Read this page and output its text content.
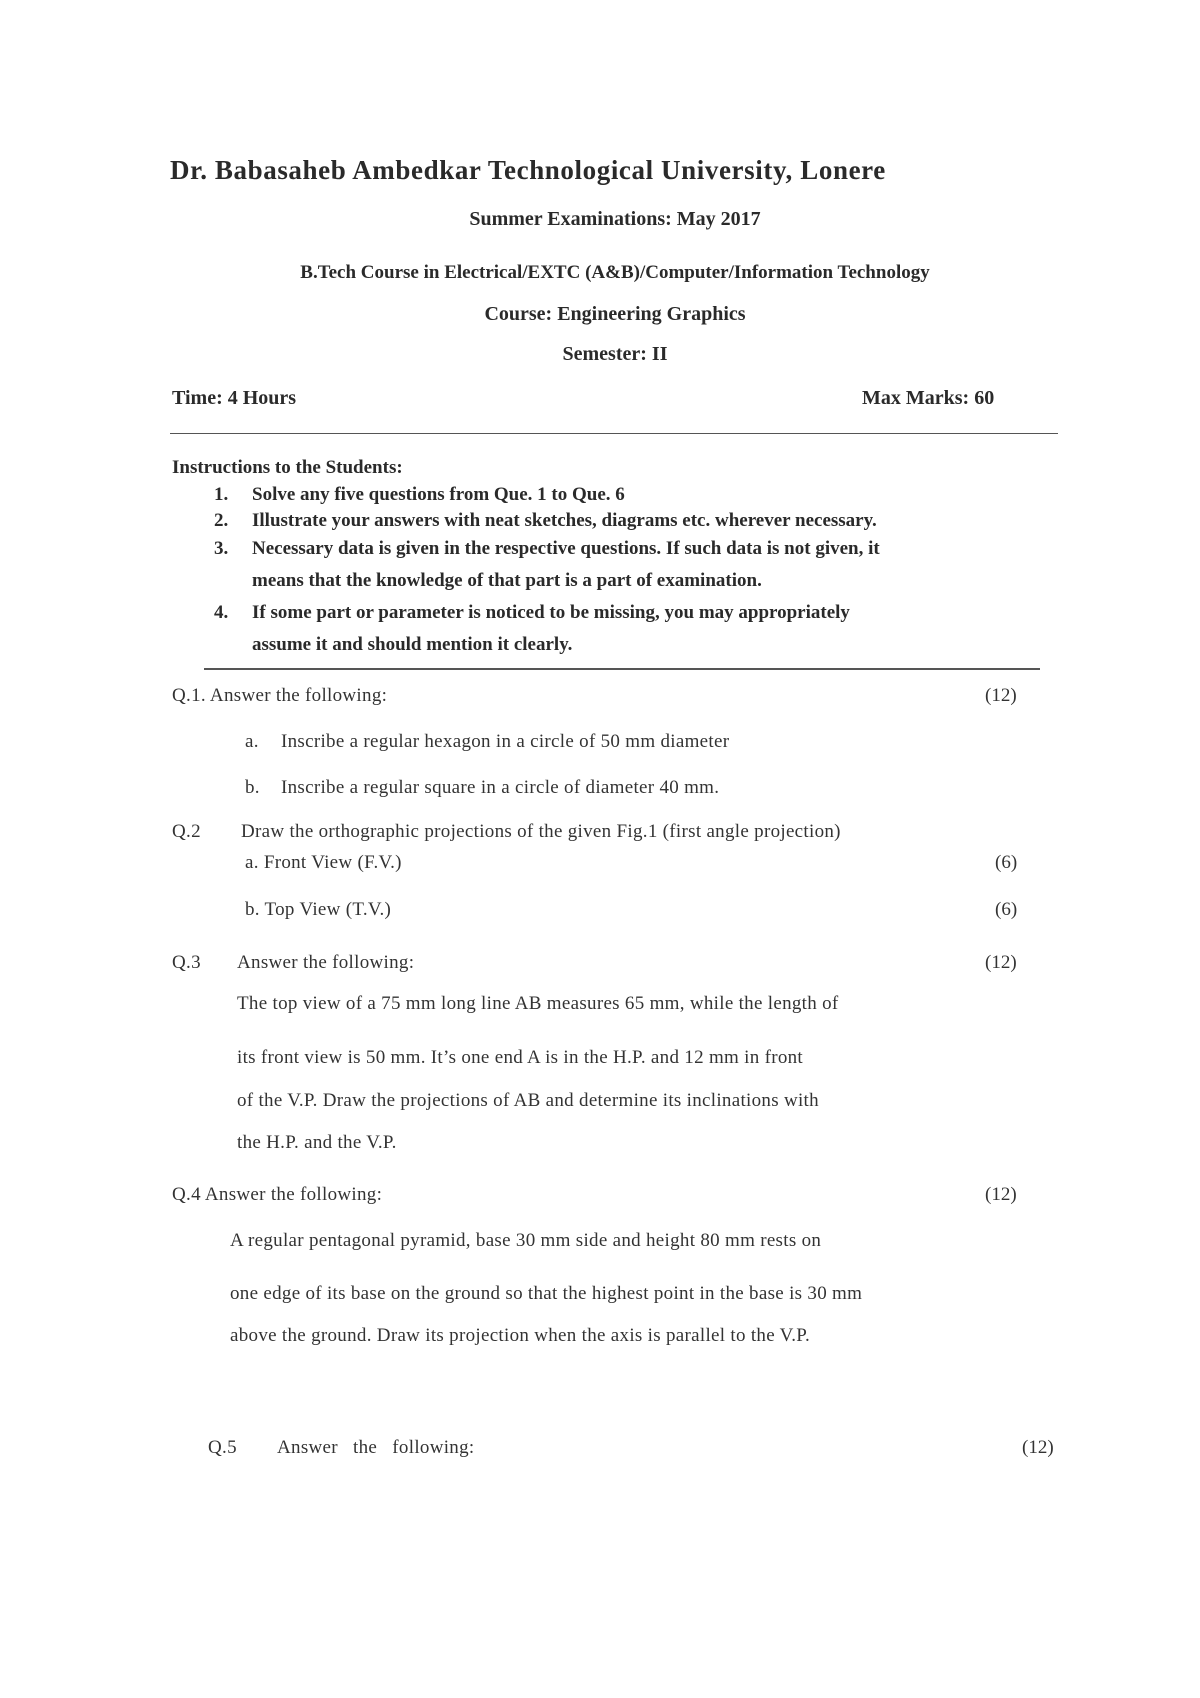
Dr. Babasaheb Ambedkar Technological University, Lonere
Summer Examinations: May 2017
B.Tech Course in Electrical/EXTC (A&B)/Computer/Information Technology
Course: Engineering Graphics
Semester: II
Time: 4 Hours	Max Marks: 60
Instructions to the Students:
1. Solve any five questions from Que. 1 to Que. 6
2. Illustrate your answers with neat sketches, diagrams etc. wherever necessary.
3. Necessary data is given in the respective questions. If such data is not given, it
means that the knowledge of that part is a part of examination.
4. If some part or parameter is noticed to be missing, you may appropriately
assume it and should mention it clearly.
Q.1. Answer the following:	(12)
a. Inscribe a regular hexagon in a circle of 50 mm diameter
b. Inscribe a regular square in a circle of diameter 40 mm.
Q.2 Draw the orthographic projections of the given Fig.1 (first angle projection)
a. Front View (F.V.)	(6)
b. Top View (T.V.)	(6)
Q.3 Answer the following:	(12)
The top view of a 75 mm long line AB measures 65 mm, while the length of
its front view is 50 mm. It’s one end A is in the H.P. and 12 mm in front
of the V.P. Draw the projections of AB and determine its inclinations with
the H.P. and the V.P.
Q.4 Answer the following:	(12)
A regular pentagonal pyramid, base 30 mm side and height 80 mm rests on
one edge of its base on the ground so that the highest point in the base is 30 mm
above the ground. Draw its projection when the axis is parallel to the V.P.
Q.5 Answer   the   following:	(12)
